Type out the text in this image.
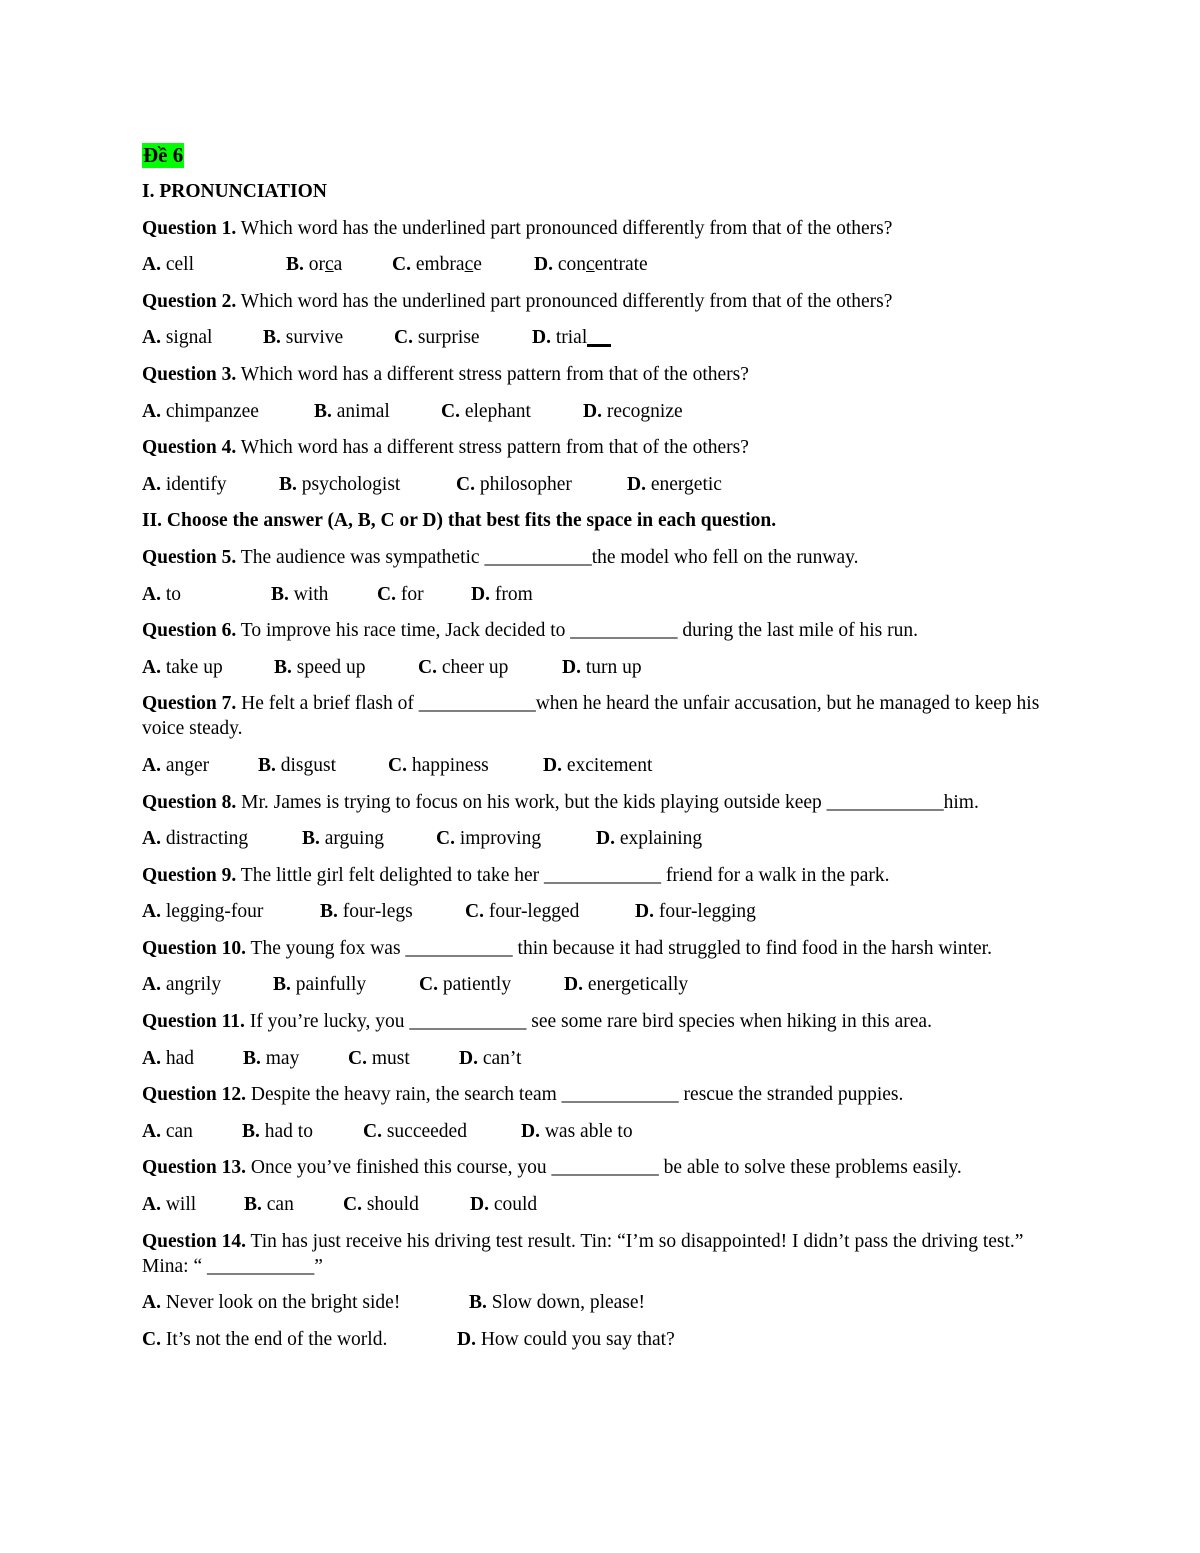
Đề 6
I. PRONUNCIATION
Question 1. Which word has the underlined part pronounced differently from that of the others?
A. cell	B. orca	C. embrace	D. concentrate
Question 2. Which word has the underlined part pronounced differently from that of the others?
A. signal	B. survive	C. surprise	D. trial
Question 3. Which word has a different stress pattern from that of the others?
A. chimpanzee	B. animal	C. elephant	D. recognize
Question 4. Which word has a different stress pattern from that of the others?
A. identify	B. psychologist	C. philosopher	D. energetic
II. Choose the answer (A, B, C or D) that best fits the space in each question.
Question 5. The audience was sympathetic ___________the model who fell on the runway.
A. to	B. with C. for D. from
Question 6. To improve his race time, Jack decided to ___________ during the last mile of his run.
A. take up	B. speed up	C. cheer up	D. turn up
Question 7. He felt a brief flash of ____________when he heard the unfair accusation, but he managed to keep his voice steady.
A. anger	B. disgust	C. happiness	D. excitement
Question 8. Mr. James is trying to focus on his work, but the kids playing outside keep ____________him.
A. distracting	B. arguing	C. improving	D. explaining
Question 9. The little girl felt delighted to take her ____________ friend for a walk in the park.
A. legging-four	B. four-legs	C. four-legged	D. four-legging
Question 10. The young fox was ___________ thin because it had struggled to find food in the harsh winter.
A. angrily	B. painfully	C. patiently	D. energetically
Question 11. If you’re lucky, you ____________ see some rare bird species when hiking in this area.
A. had	B. may C. must	D. can’t
Question 12. Despite the heavy rain, the search team ____________ rescue the stranded puppies.
A. can	B. had to	C. succeeded	D. was able to
Question 13. Once you’ve finished this course, you ___________ be able to solve these problems easily.
A. will B. can	C. should	D. could
Question 14. Tin has just receive his driving test result. Tin: “I’m so disappointed! I didn’t pass the driving test.” Mina: “ ___________”
A. Never look on the bright side!	B. Slow down, please!
C. It’s not the end of the world.	D. How could you say that?
